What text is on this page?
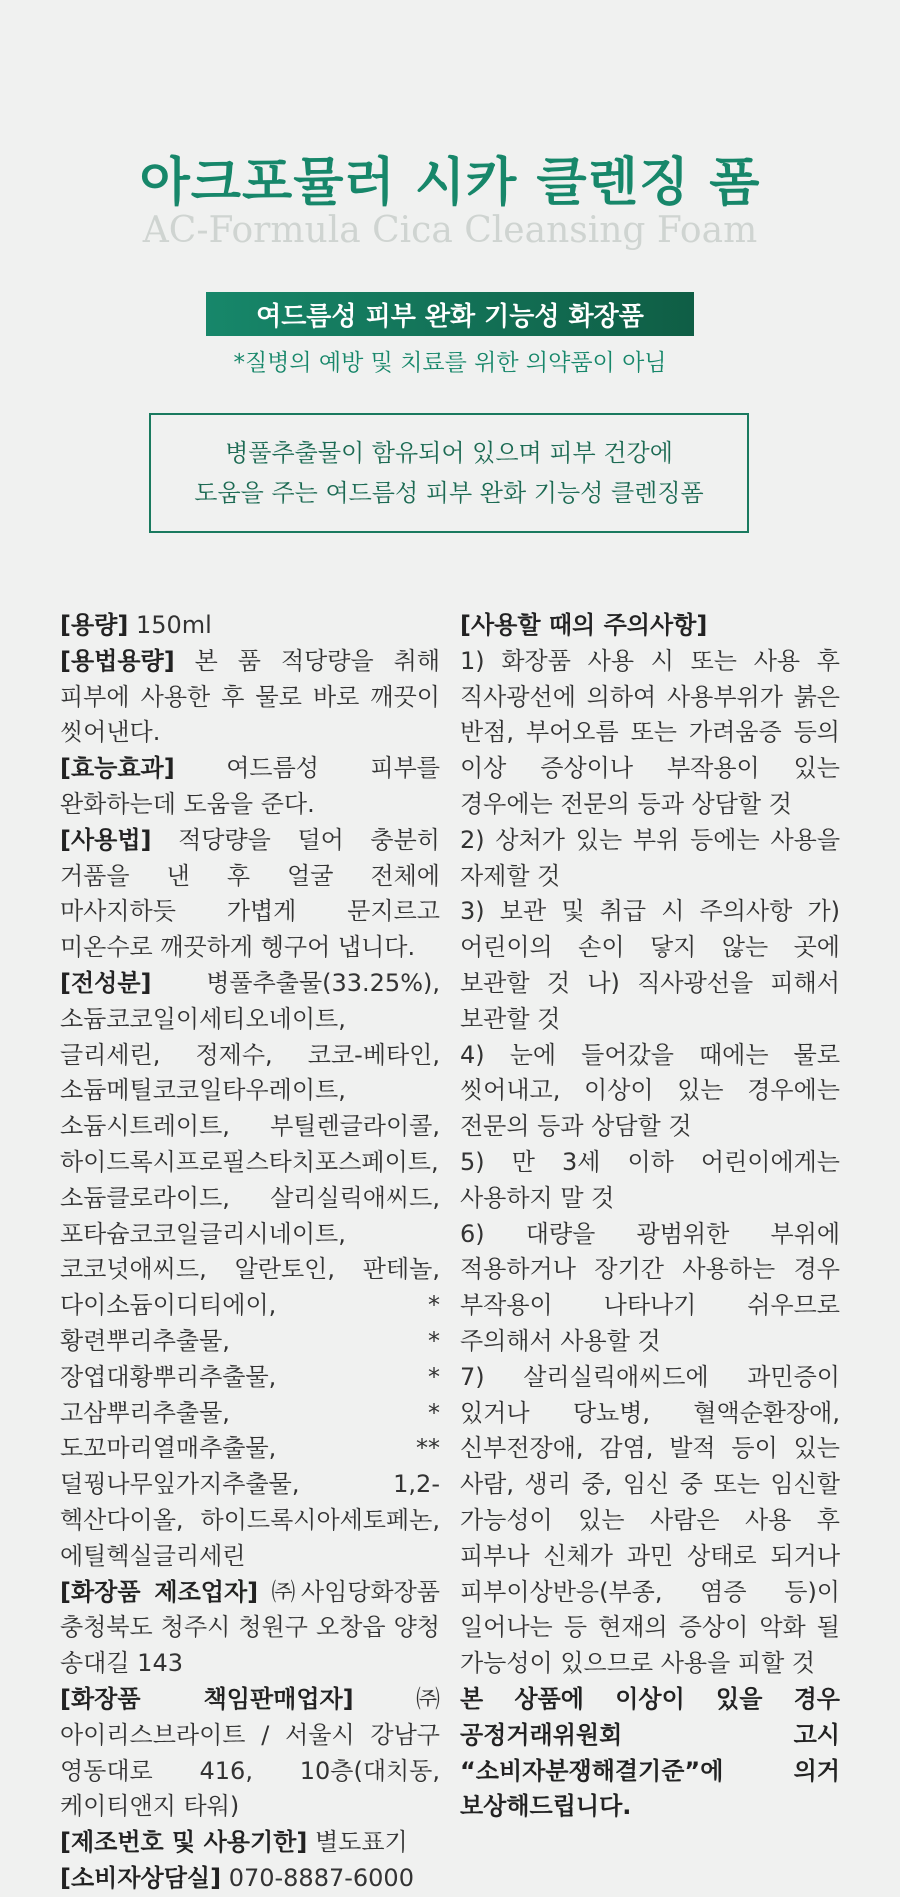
아크포뮬러 시카 클렌징 폼
AC-Formula Cica Cleansing Foam
여드름성 피부 완화 기능성 화장품
*질병의 예방 및 치료를 위한 의약품이 아님
병풀추출물이 함유되어 있으며 피부 건강에
도움을 주는 여드름성 피부 완화 기능성 클렌징폼

[용량] 150ml

[용법용량] 본 품 적당량을 취해 피부에 사용한 후 물로 바로 깨끗이 씻어낸다.

[효능효과] 여드름성 피부를 완화하는데 도움을 준다.

[사용법] 적당량을 덜어 충분히 거품을 낸 후 얼굴 전체에 마사지하듯 가볍게 문지르고 미온수로 깨끗하게 헹구어 냅니다.

[전성분] 병풀추출물(33.25%), 소듐코코일이세티오네이트, 글리세린, 정제수, 코코-베타인, 소듐메틸코코일타우레이트, 소듐시트레이트, 부틸렌글라이콜, 하이드록시프로필스타치포스페이트, 소듐클로라이드, 살리실릭애씨드, 포타슘코코일글리시네이트, 코코넛애씨드, 알란토인, 판테놀, 다이소듐이디티에이, *황련뿌리추출물, *장엽대황뿌리추출물, *고삼뿌리추출물, *도꼬마리열매추출물, **덜꿩나무잎가지추출물, 1,2-헥산다이올, 하이드록시아세토페논, 에틸헥실글리세린

[화장품 제조업자] ㈜사임당화장품 충청북도 청주시 청원구 오창읍 양청 송대길 143

[화장품 책임판매업자]	㈜아이리스브라이트 / 서울시 강남구 영동대로 416, 10층(대치동, 케이티앤지 타워)

[제조번호 및 사용기한] 별도표기

[소비자상담실] 070-8887-6000

[사용할 때의 주의사항]

1) 화장품 사용 시 또는 사용 후 직사광선에 의하여 사용부위가 붉은 반점, 부어오름 또는 가려움증 등의 이상 증상이나 부작용이 있는 경우에는 전문의 등과 상담할 것

2) 상처가 있는 부위 등에는 사용을 자제할 것

3) 보관 및 취급 시 주의사항 가) 어린이의 손이 닿지 않는 곳에 보관할 것 나) 직사광선을 피해서 보관할 것

4) 눈에 들어갔을 때에는 물로 씻어내고, 이상이 있는 경우에는 전문의 등과 상담할 것

5) 만 3세 이하 어린이에게는 사용하지 말 것

6) 대량을 광범위한 부위에 적용하거나 장기간 사용하는 경우 부작용이 나타나기 쉬우므로 주의해서 사용할 것

7) 살리실릭애씨드에 과민증이 있거나 당뇨병, 혈액순환장애, 신부전장애, 감염, 발적 등이 있는 사람, 생리 중, 임신 중 또는 임신할 가능성이 있는 사람은 사용 후 피부나 신체가 과민 상태로 되거나 피부이상반응(부종, 염증 등)이 일어나는 등 현재의 증상이 악화 될 가능성이 있으므로 사용을 피할 것

본 상품에 이상이 있을 경우 공정거래위원회 고시 “소비자분쟁해결기준”에 의거 보상해드립니다.
